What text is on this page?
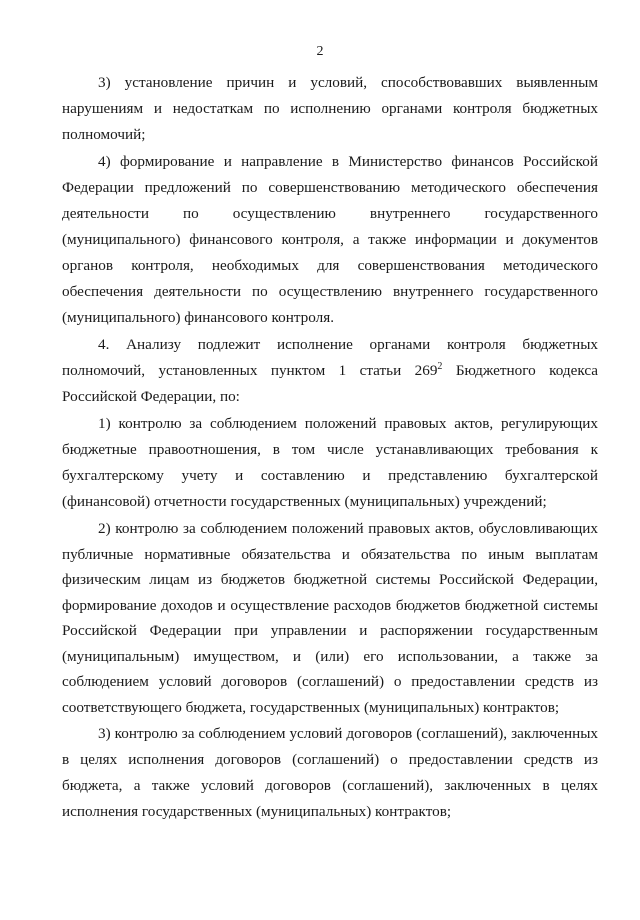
2

3) установление причин и условий, способствовавших выявленным нарушениям и недостаткам по исполнению органами контроля бюджетных полномочий;

4) формирование и направление в Министерство финансов Российской Федерации предложений по совершенствованию методического обеспечения деятельности по осуществлению внутреннего государственного (муниципального) финансового контроля, а также информации и документов органов контроля, необходимых для совершенствования методического обеспечения деятельности по осуществлению внутреннего государственного (муниципального) финансового контроля.

4. Анализу подлежит исполнение органами контроля бюджетных полномочий, установленных пунктом 1 статьи $269^2$ Бюджетного кодекса Российской Федерации, по:

1) контролю за соблюдением положений правовых актов, регулирующих бюджетные правоотношения, в том числе устанавливающих требования к бухгалтерскому учету и составлению и представлению бухгалтерской (финансовой) отчетности государственных (муниципальных) учреждений;

2) контролю за соблюдением положений правовых актов, обусловливающих публичные нормативные обязательства и обязательства по иным выплатам физическим лицам из бюджетов бюджетной системы Российской Федерации, формирование доходов и осуществление расходов бюджетов бюджетной системы Российской Федерации при управлении и распоряжении государственным (муниципальным) имуществом, и (или) его использовании, а также за соблюдением условий договоров (соглашений) о предоставлении средств из соответствующего бюджета, государственных (муниципальных) контрактов;

3) контролю за соблюдением условий договоров (соглашений), заключенных в целях исполнения договоров (соглашений) о предоставлении средств из бюджета, а также условий договоров (соглашений), заключенных в целях исполнения государственных (муниципальных) контрактов;
